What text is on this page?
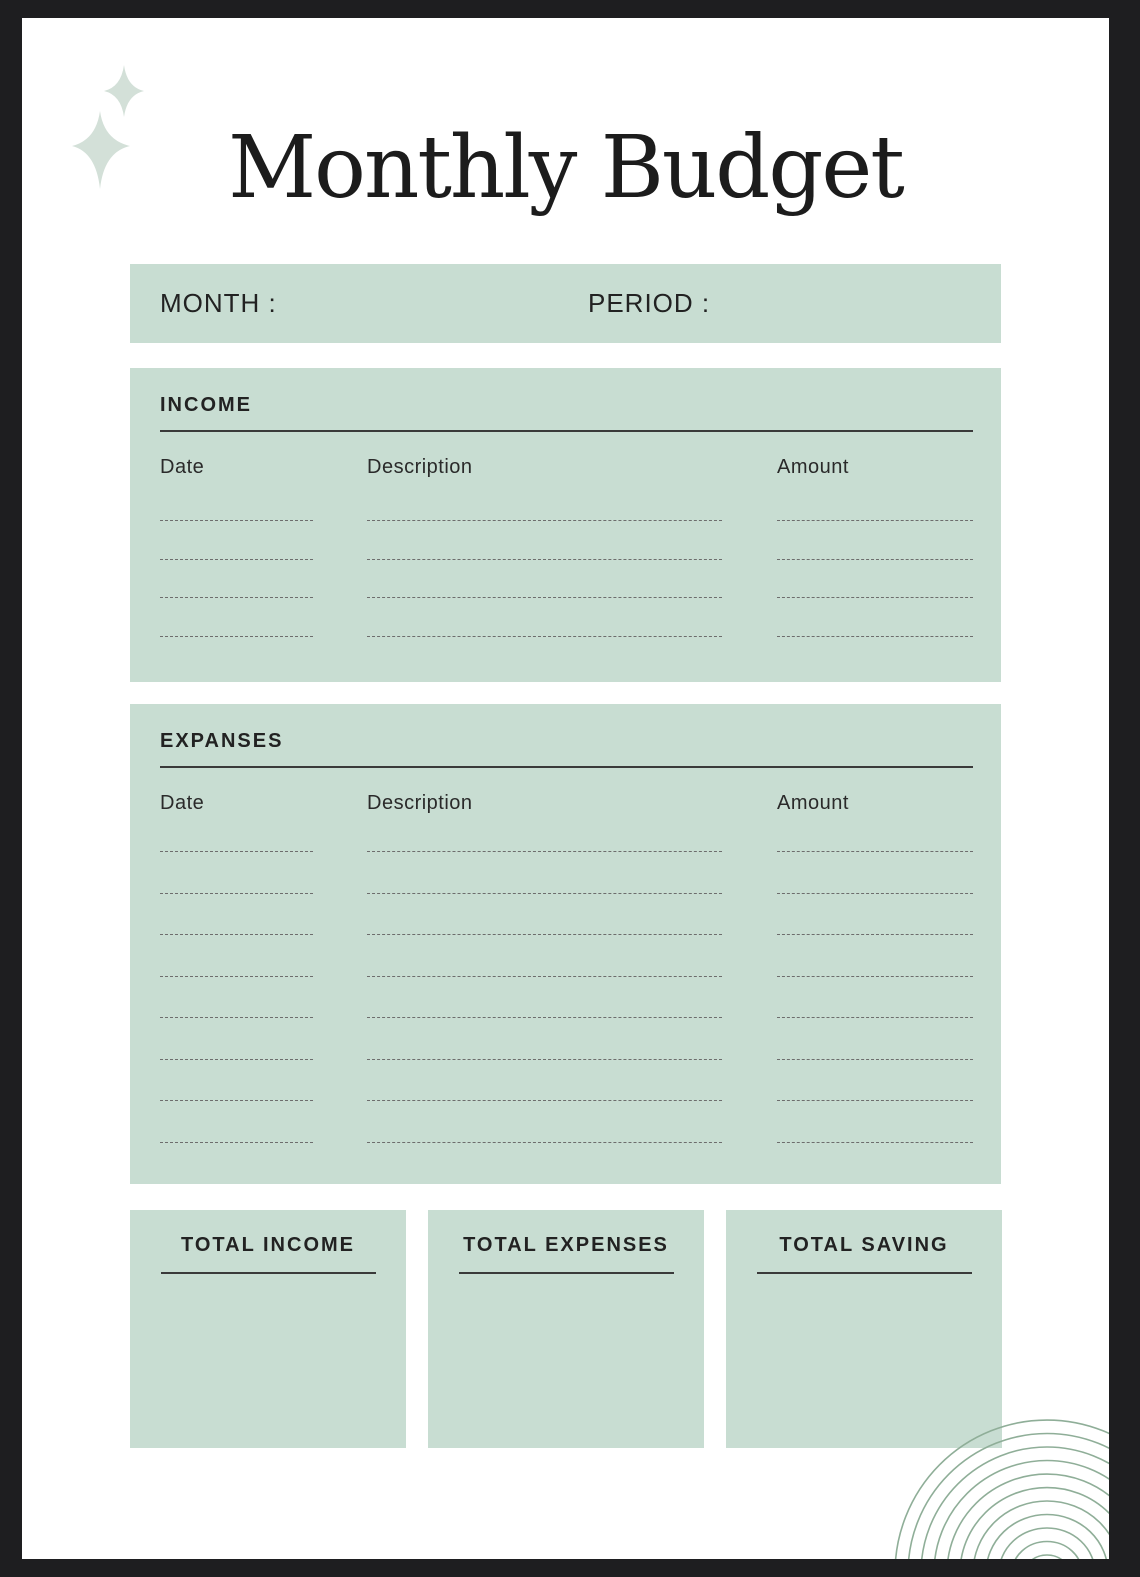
Monthly Budget
MONTH :	PERIOD :
INCOME
Date	Description	Amount
EXPANSES
Date	Description	Amount
TOTAL INCOME	TOTAL EXPENSES	TOTAL SAVING
